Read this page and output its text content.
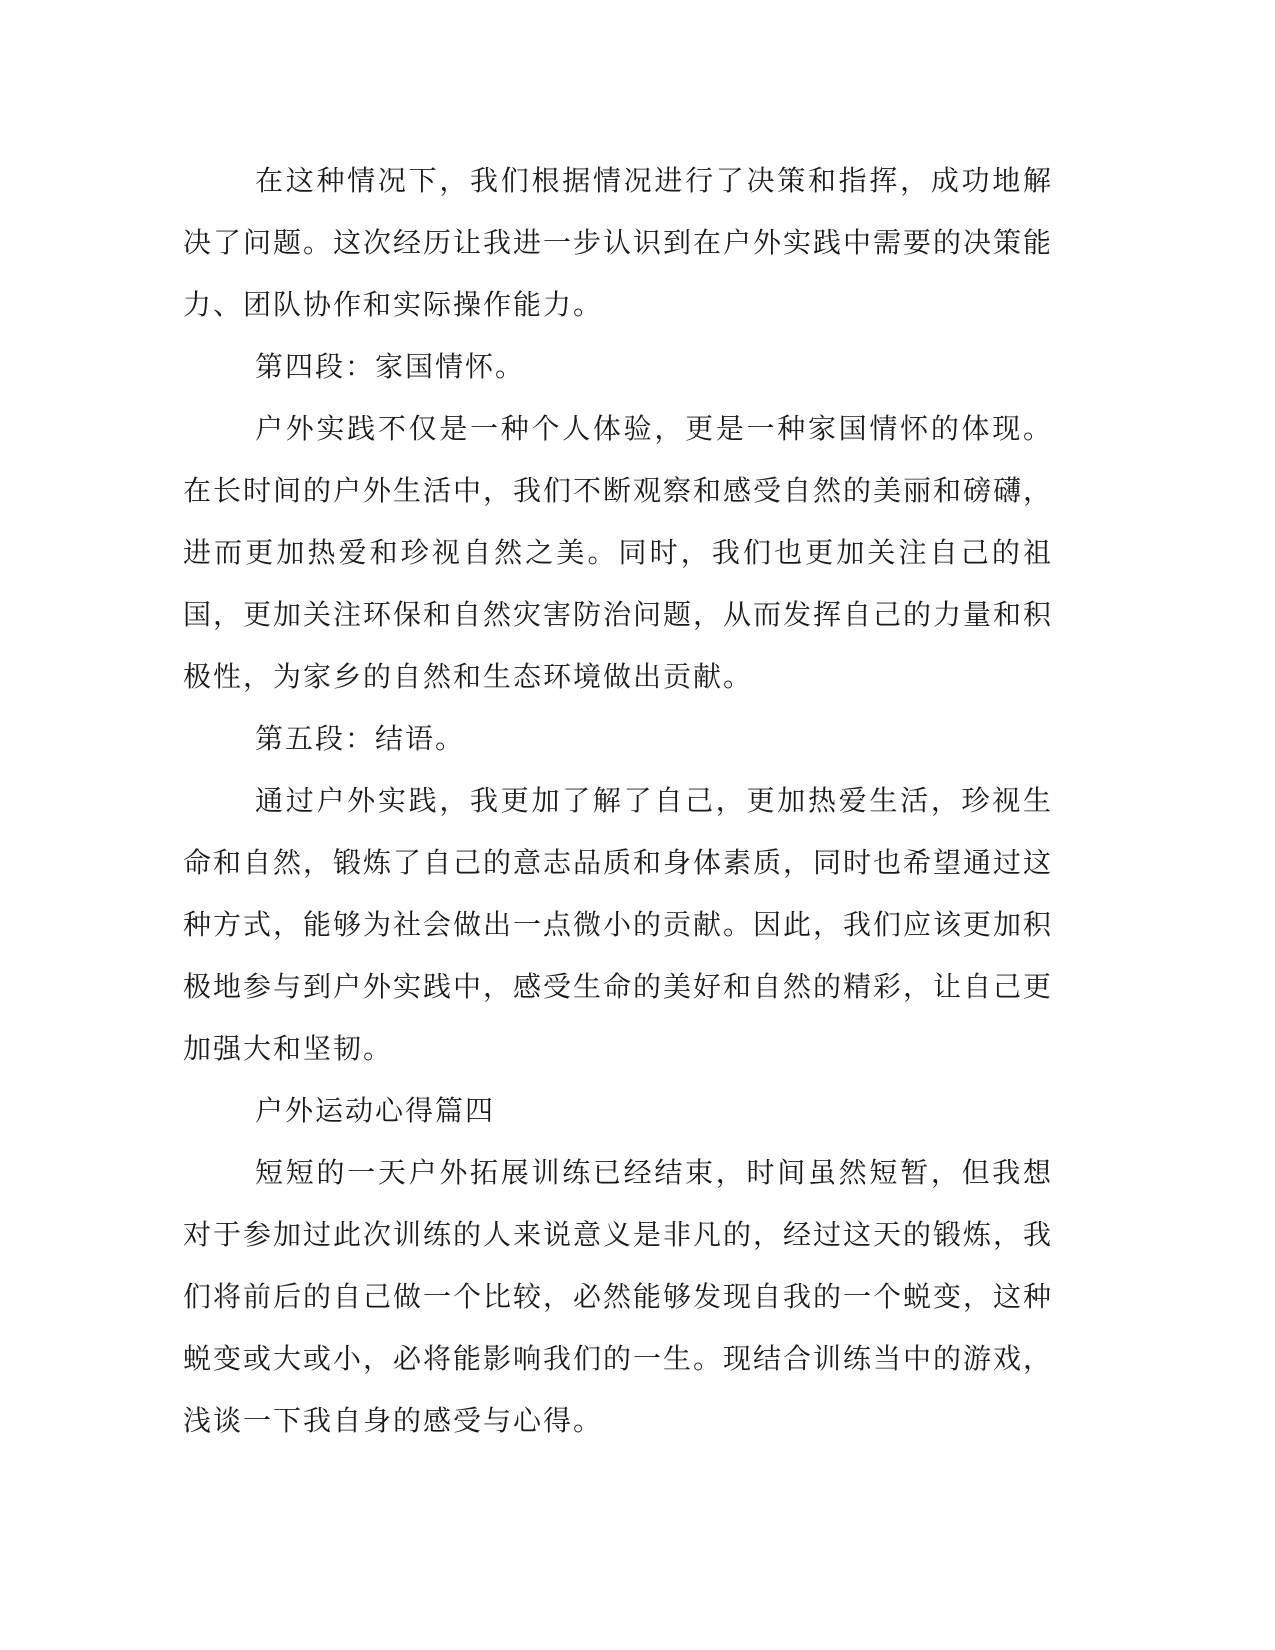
在这种情况下，我们根据情况进行了决策和指挥，成功地解决了问题。这次经历让我进一步认识到在户外实践中需要的决策能力、团队协作和实际操作能力。

第四段：家国情怀。

户外实践不仅是一种个人体验，更是一种家国情怀的体现。在长时间的户外生活中，我们不断观察和感受自然的美丽和磅礴，进而更加热爱和珍视自然之美。同时，我们也更加关注自己的祖国，更加关注环保和自然灾害防治问题，从而发挥自己的力量和积极性，为家乡的自然和生态环境做出贡献。

第五段：结语。

通过户外实践，我更加了解了自己，更加热爱生活，珍视生命和自然，锻炼了自己的意志品质和身体素质，同时也希望通过这种方式，能够为社会做出一点微小的贡献。因此，我们应该更加积极地参与到户外实践中，感受生命的美好和自然的精彩，让自己更加强大和坚韧。

户外运动心得篇四

短短的一天户外拓展训练已经结束，时间虽然短暂，但我想对于参加过此次训练的人来说意义是非凡的，经过这天的锻炼，我们将前后的自己做一个比较，必然能够发现自我的一个蜕变，这种蜕变或大或小，必将能影响我们的一生。现结合训练当中的游戏，浅谈一下我自身的感受与心得。
